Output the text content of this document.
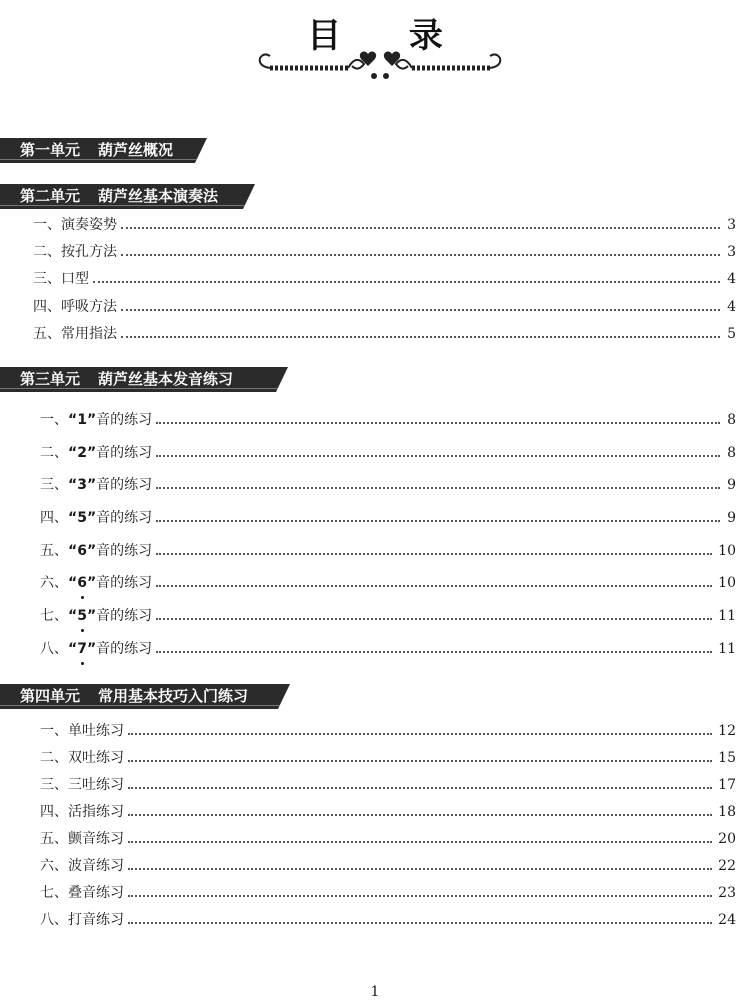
目 录
第一单元 葫芦丝概况
第二单元 葫芦丝基本演奏法
一、演奏姿势	3
二、按孔方法	3
三、口型	4
四、呼吸方法	4
五、常用指法	5
第三单元 葫芦丝基本发音练习
一、“1”音的练习	8
二、“2”音的练习	8
三、“3”音的练习	9
四、“5”音的练习	9
五、“6”音的练习	10
六、“6”音的练习	10
七、“5”音的练习	11
八、“7”音的练习	11
第四单元 常用基本技巧入门练习
一、单吐练习	12
二、双吐练习	15
三、三吐练习	17
四、活指练习	18
五、颤音练习	20
六、波音练习	22
七、叠音练习	23
八、打音练习	24
1
